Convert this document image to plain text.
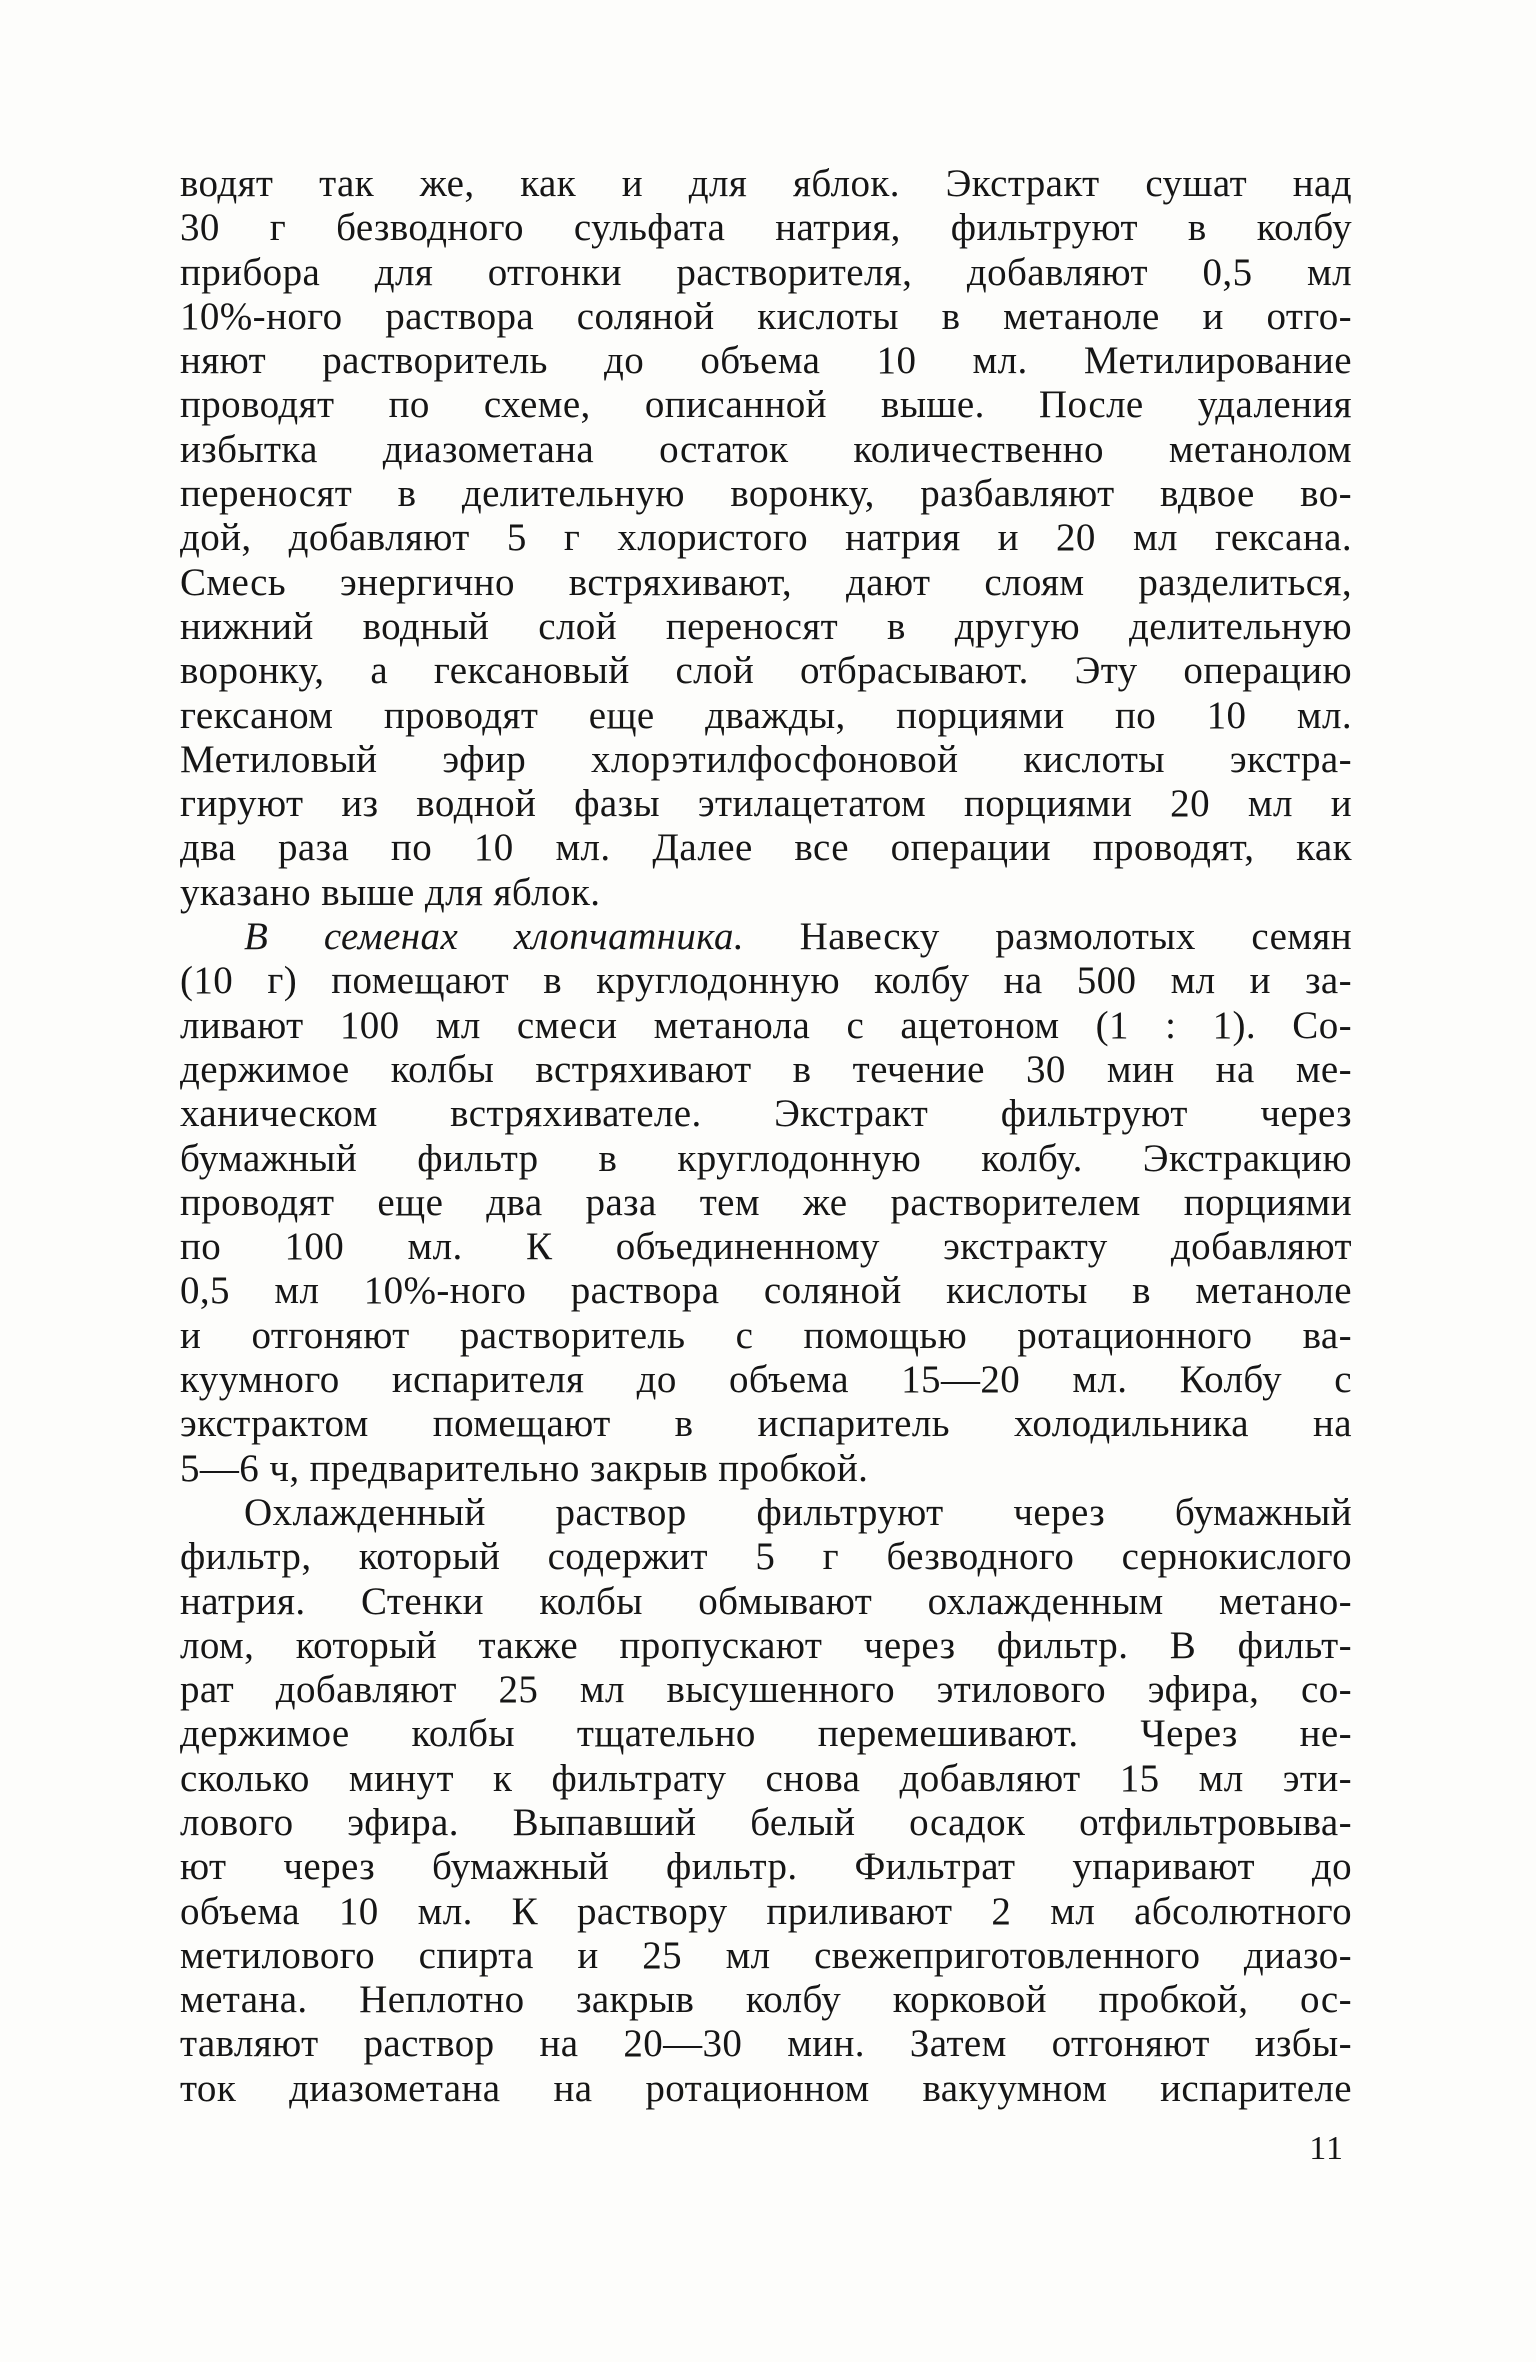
водят так же, как и для яблок. Экстракт сушат над
30 г безводного сульфата натрия, фильтруют в колбу
прибора для отгонки растворителя, добавляют 0,5 мл
10%-ного раствора соляной кислоты в метаноле и отго-
няют растворитель до объема 10 мл. Метилирование
проводят по схеме, описанной выше. После удаления
избытка диазометана остаток количественно метанолом
переносят в делительную воронку, разбавляют вдвое во-
дой, добавляют 5 г хлористого натрия и 20 мл гексана.
Смесь энергично встряхивают, дают слоям разделиться,
нижний водный слой переносят в другую делительную
воронку, а гексановый слой отбрасывают. Эту операцию
гексаном проводят еще дважды, порциями по 10 мл.
Метиловый эфир хлорэтилфосфоновой кислоты экстра-
гируют из водной фазы этилацетатом порциями 20 мл и
два раза по 10 мл. Далее все операции проводят, как
указано выше для яблок.
В семенах хлопчатника. Навеску размолотых семян
(10 г) помещают в круглодонную колбу на 500 мл и за-
ливают 100 мл смеси метанола с ацетоном (1 : 1). Со-
держимое колбы встряхивают в течение 30 мин на ме-
ханическом встряхивателе. Экстракт фильтруют через
бумажный фильтр в круглодонную колбу. Экстракцию
проводят еще два раза тем же растворителем порциями
по 100 мл. К объединенному экстракту добавляют
0,5 мл 10%-ного раствора соляной кислоты в метаноле
и отгоняют растворитель с помощью ротационного ва-
куумного испарителя до объема 15—20 мл. Колбу с
экстрактом помещают в испаритель холодильника на
5—6 ч, предварительно закрыв пробкой.
Охлажденный раствор фильтруют через бумажный
фильтр, который содержит 5 г безводного сернокислого
натрия. Стенки колбы обмывают охлажденным метано-
лом, который также пропускают через фильтр. В фильт-
рат добавляют 25 мл высушенного этилового эфира, со-
держимое колбы тщательно перемешивают. Через не-
сколько минут к фильтрату снова добавляют 15 мл эти-
лового эфира. Выпавший белый осадок отфильтровыва-
ют через бумажный фильтр. Фильтрат упаривают до
объема 10 мл. К раствору приливают 2 мл абсолютного
метилового спирта и 25 мл свежеприготовленного диазо-
метана. Неплотно закрыв колбу корковой пробкой, ос-
тавляют раствор на 20—30 мин. Затем отгоняют избы-
ток диазометана на ротационном вакуумном испарителе
11
